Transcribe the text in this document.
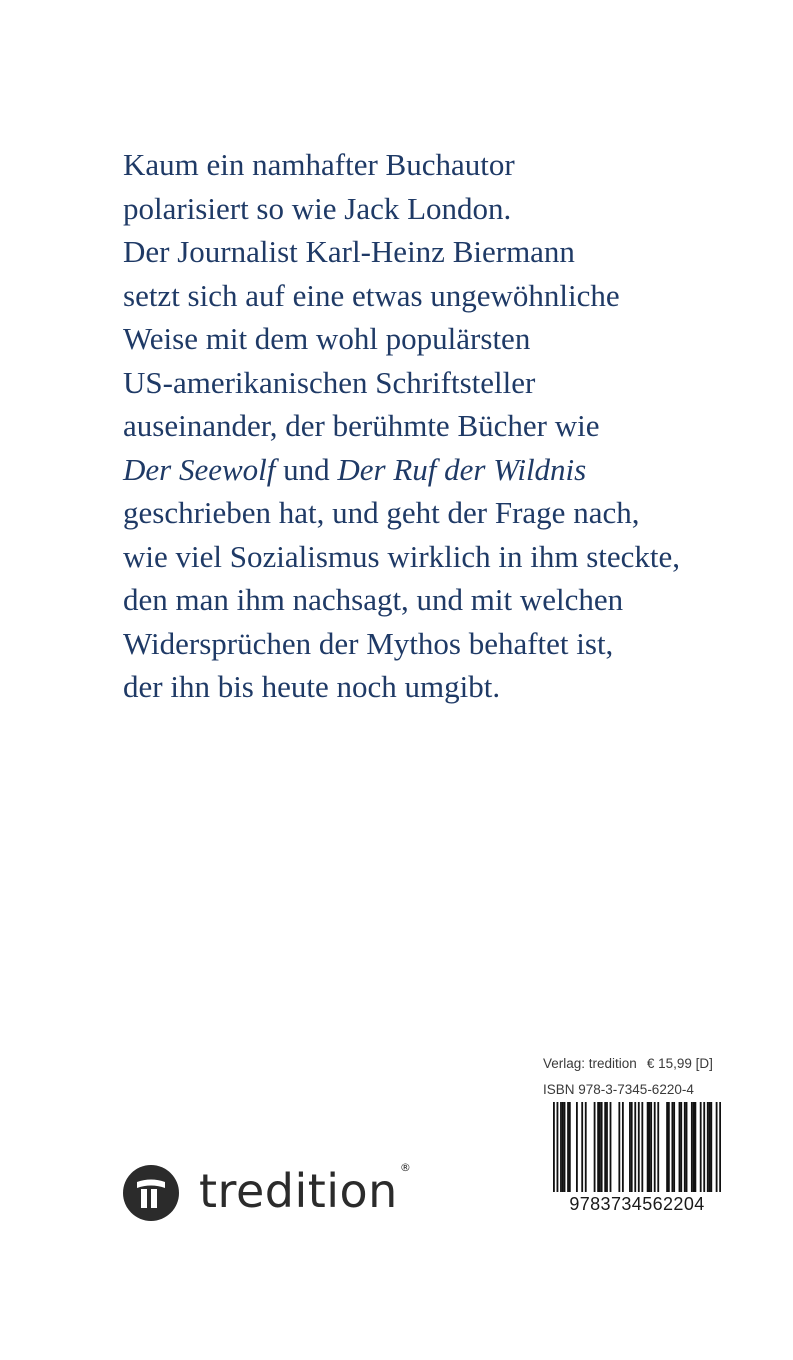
Kaum ein namhafter Buchautor
polarisiert so wie Jack London.
Der Journalist Karl-Heinz Biermann
setzt sich auf eine etwas ungewöhnliche
Weise mit dem wohl populärsten
US-amerikanischen Schriftsteller
auseinander, der berühmte Bücher wie
Der Seewolf und Der Ruf der Wildnis
geschrieben hat, und geht der Frage nach,
wie viel Sozialismus wirklich in ihm steckte,
den man ihm nachsagt, und mit welchen
Widersprüchen der Mythos behaftet ist,
der ihn bis heute noch umgibt.
Verlag: tredition € 15,99 [D]
ISBN 978-3-7345-6220-4
9783734562204
tredition ®
